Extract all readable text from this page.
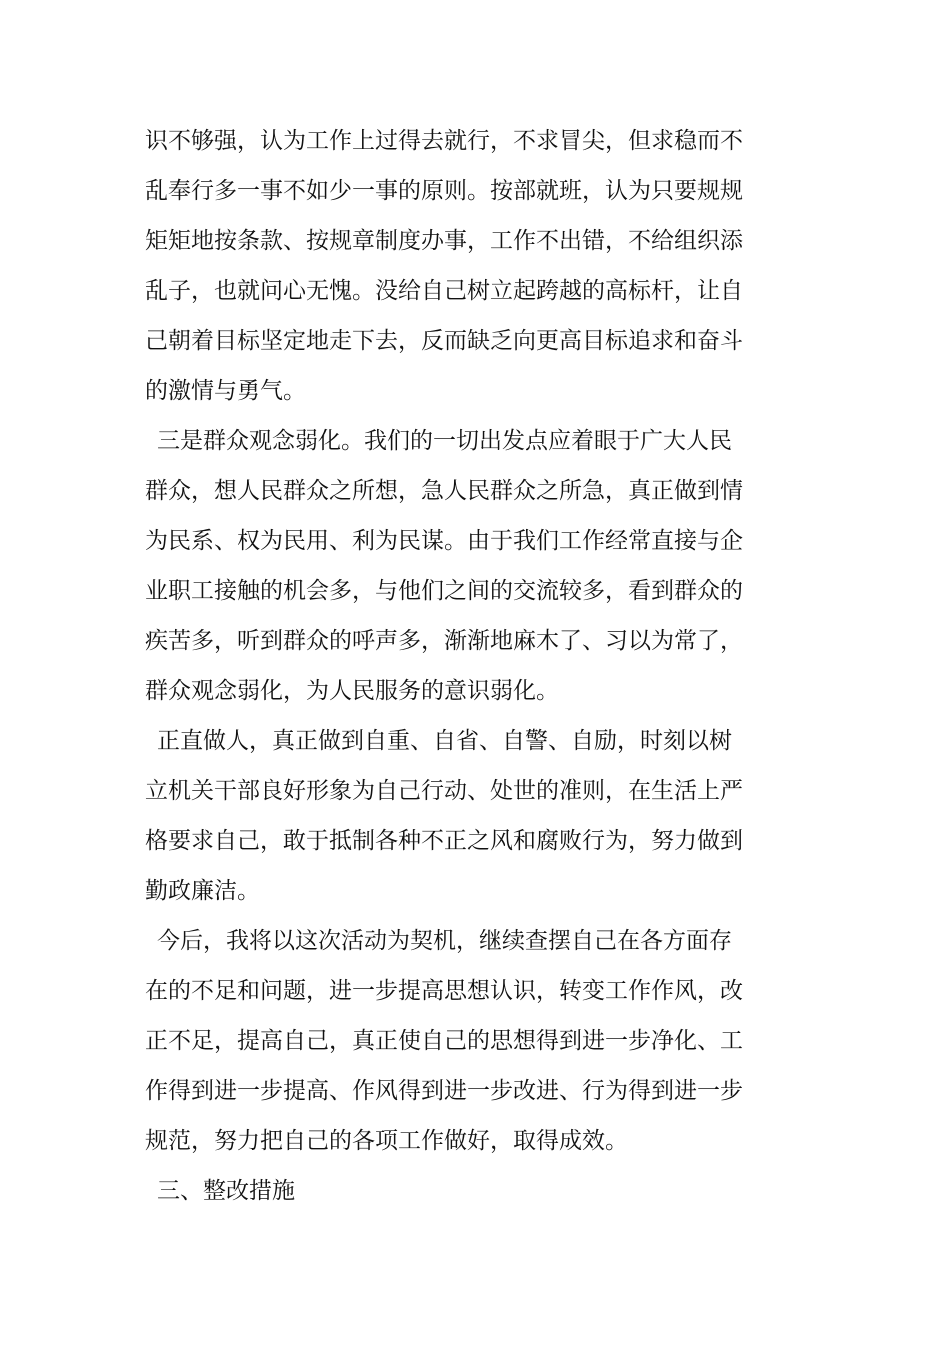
识不够强，认为工作上过得去就行，不求冒尖，但求稳而不
乱奉行多一事不如少一事的原则。按部就班，认为只要规规
矩矩地按条款、按规章制度办事，工作不出错，不给组织添
乱子，也就问心无愧。没给自己树立起跨越的高标杆，让自
己朝着目标坚定地走下去，反而缺乏向更高目标追求和奋斗
的激情与勇气。
三是群众观念弱化。我们的一切出发点应着眼于广大人民
群众，想人民群众之所想，急人民群众之所急，真正做到情
为民系、权为民用、利为民谋。由于我们工作经常直接与企
业职工接触的机会多，与他们之间的交流较多，看到群众的
疾苦多，听到群众的呼声多，渐渐地麻木了、习以为常了，
群众观念弱化，为人民服务的意识弱化。
正直做人，真正做到自重、自省、自警、自励，时刻以树
立机关干部良好形象为自己行动、处世的准则，在生活上严
格要求自己，敢于抵制各种不正之风和腐败行为，努力做到
勤政廉洁。
今后，我将以这次活动为契机，继续查摆自己在各方面存
在的不足和问题，进一步提高思想认识，转变工作作风，改
正不足，提高自己，真正使自己的思想得到进一步净化、工
作得到进一步提高、作风得到进一步改进、行为得到进一步
规范，努力把自己的各项工作做好，取得成效。
三、整改措施
